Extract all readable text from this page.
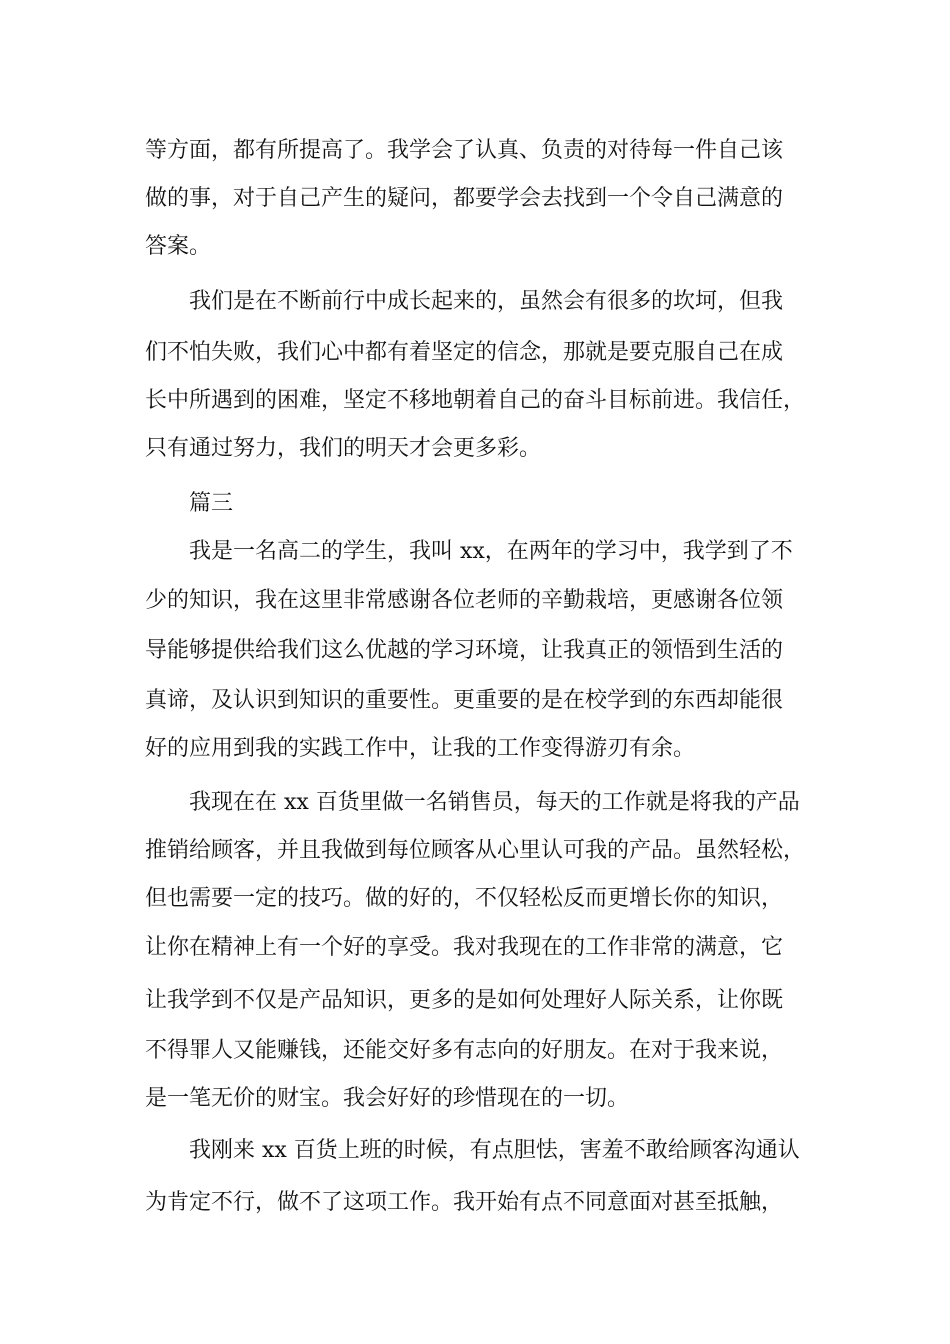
等方面，都有所提高了。我学会了认真、负责的对待每一件自己该
做的事，对于自己产生的疑问，都要学会去找到一个令自己满意的
答案。
我们是在不断前行中成长起来的，虽然会有很多的坎坷，但我
们不怕失败，我们心中都有着坚定的信念，那就是要克服自己在成
长中所遇到的困难，坚定不移地朝着自己的奋斗目标前进。我信任，
只有通过努力，我们的明天才会更多彩。
篇三
我是一名高二的学生，我叫 xx，在两年的学习中，我学到了不
少的知识，我在这里非常感谢各位老师的辛勤栽培，更感谢各位领
导能够提供给我们这么优越的学习环境，让我真正的领悟到生活的
真谛，及认识到知识的重要性。更重要的是在校学到的东西却能很
好的应用到我的实践工作中，让我的工作变得游刃有余。
我现在在 xx 百货里做一名销售员，每天的工作就是将我的产品
推销给顾客，并且我做到每位顾客从心里认可我的产品。虽然轻松，
但也需要一定的技巧。做的好的，不仅轻松反而更增长你的知识，
让你在精神上有一个好的享受。我对我现在的工作非常的满意，它
让我学到不仅是产品知识，更多的是如何处理好人际关系，让你既
不得罪人又能赚钱，还能交好多有志向的好朋友。在对于我来说，
是一笔无价的财宝。我会好好的珍惜现在的一切。
我刚来 xx 百货上班的时候，有点胆怯，害羞不敢给顾客沟通认
为肯定不行，做不了这项工作。我开始有点不同意面对甚至抵触，
